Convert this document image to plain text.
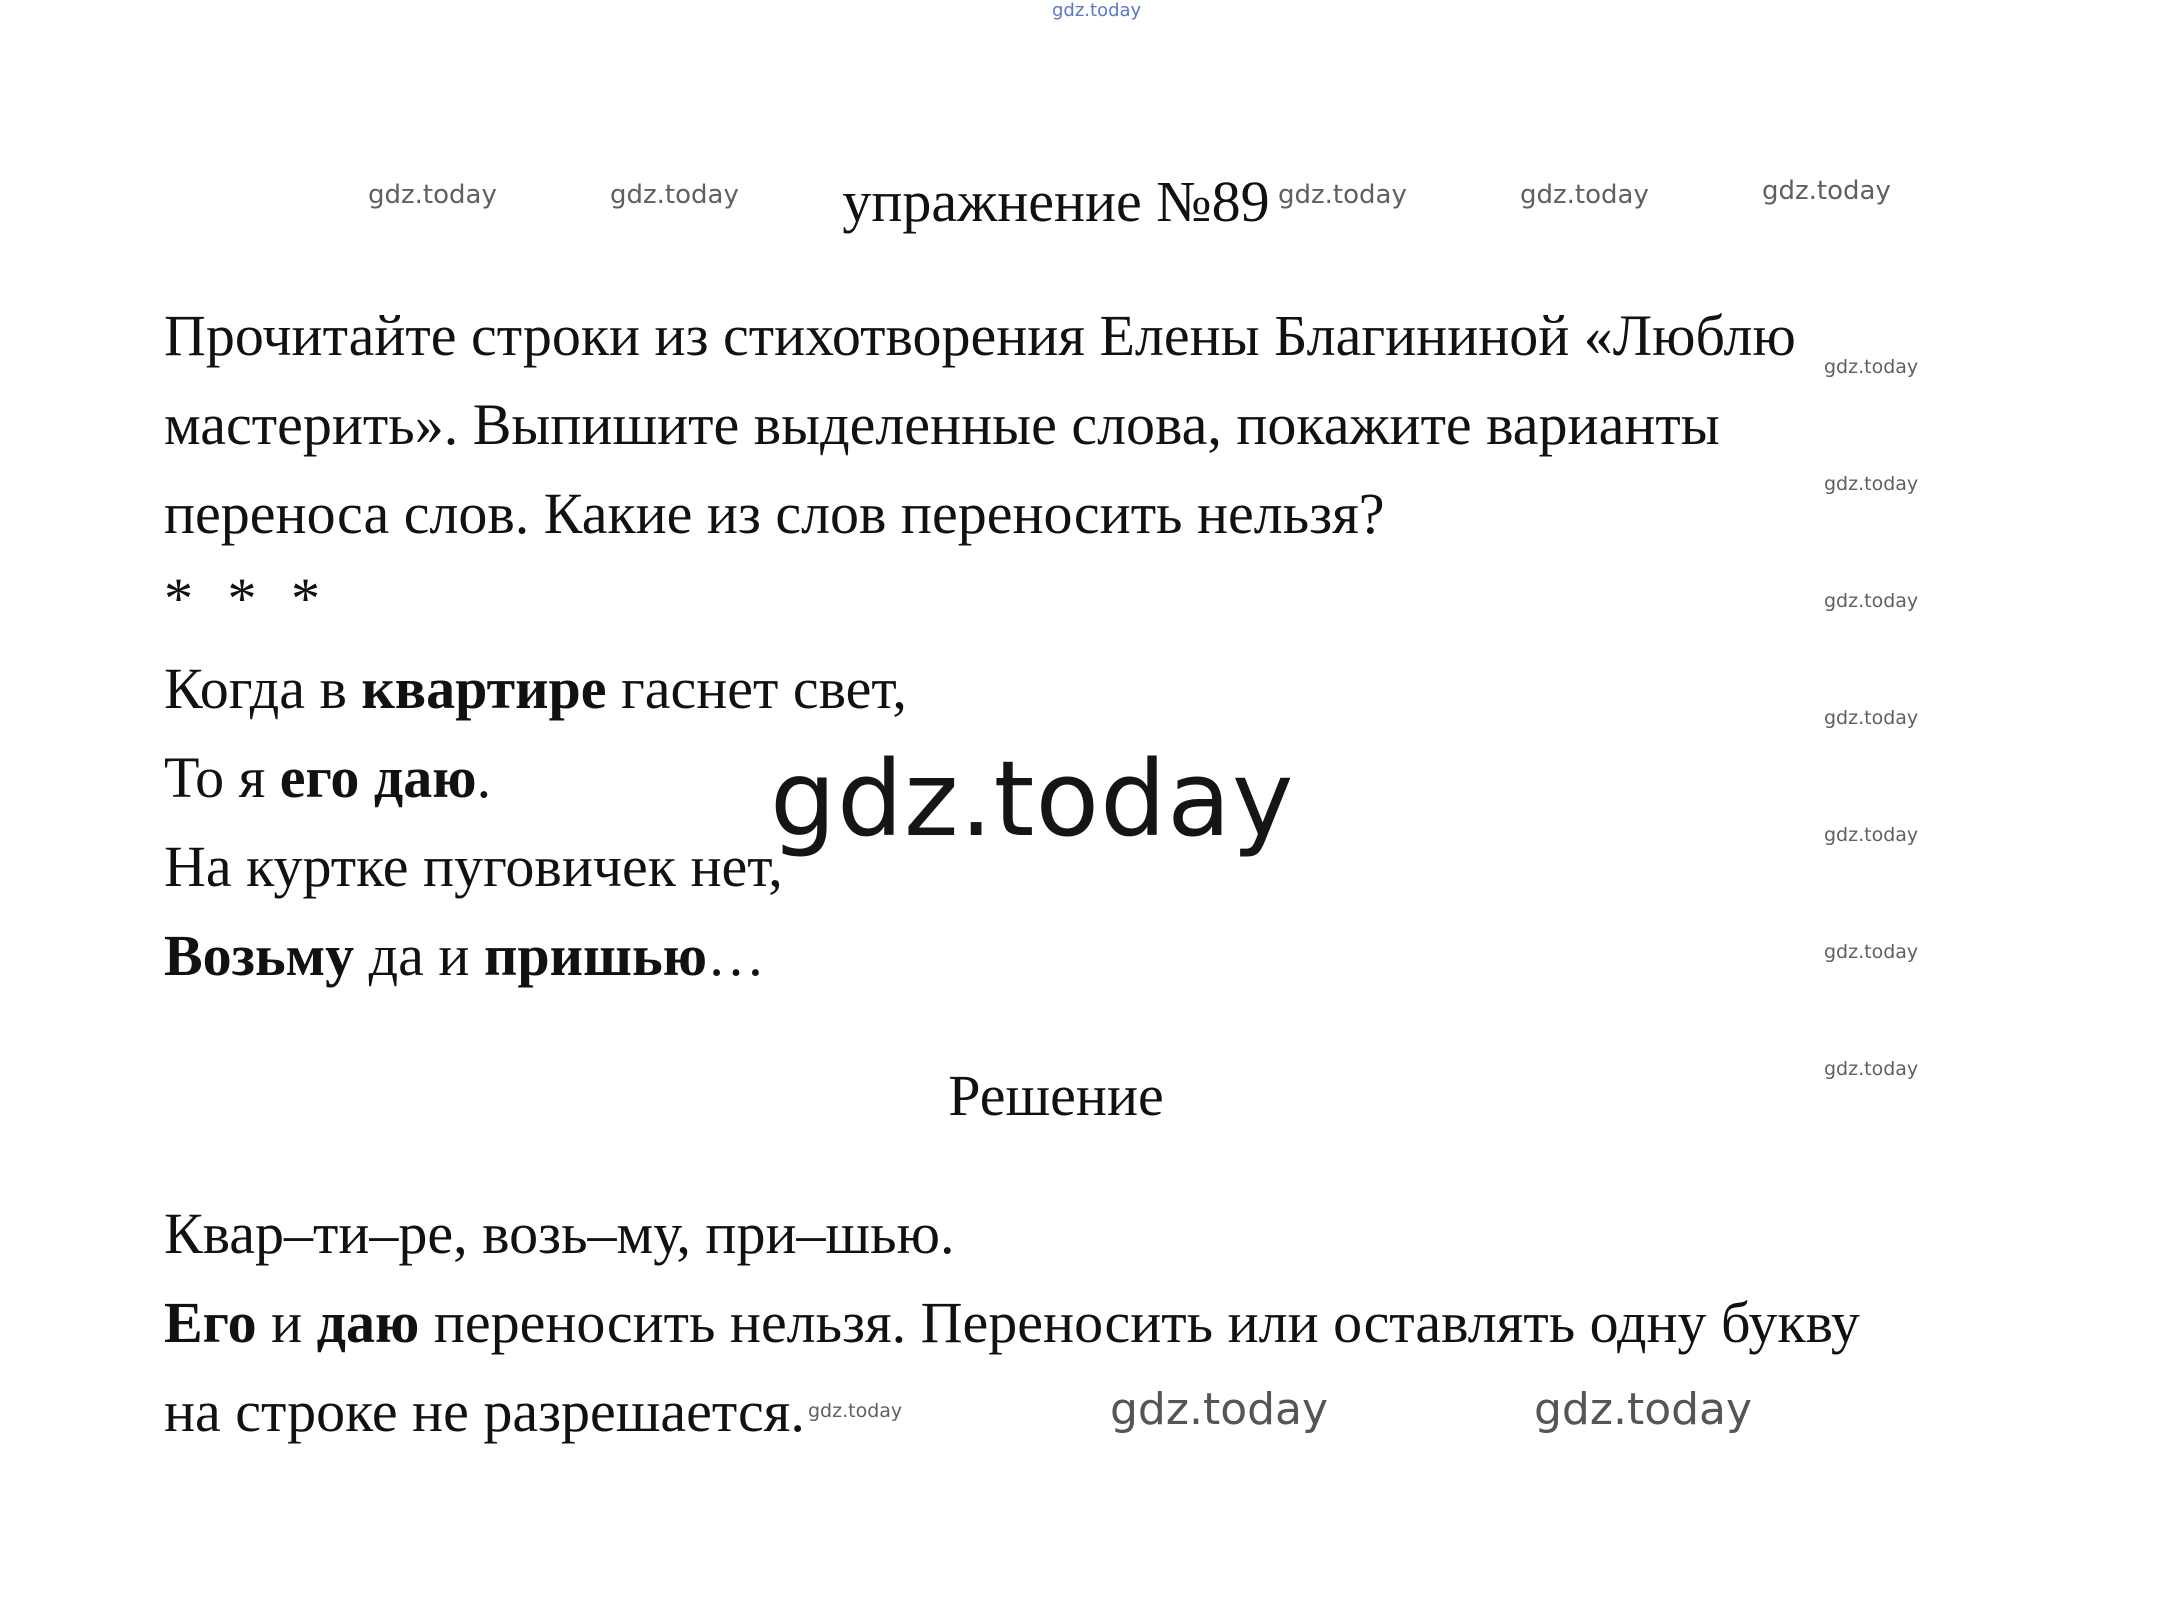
gdz.today
gdz.today	gdz.today	gdz.today	gdz.today	gdz.today
gdz.today
gdz.today
gdz.today
gdz.today
gdz.today
gdz.today
gdz.today
gdz.today
gdz.today	gdz.today	gdz.today
упражнение №89
Прочитайте строки из стихотворения Елены Благининой «Люблю
мастерить». Выпишите выделенные слова, покажите варианты
переноса слов. Какие из слов переносить нельзя?
* * *
Когда в квартире гаснет свет,
То я его даю.
На куртке пуговичек нет,
Возьму да и пришью…
Решение
Квар–ти–ре, возь–му, при–шью.
Его и даю переносить нельзя. Переносить или оставлять одну букву
на строке не разрешается.
